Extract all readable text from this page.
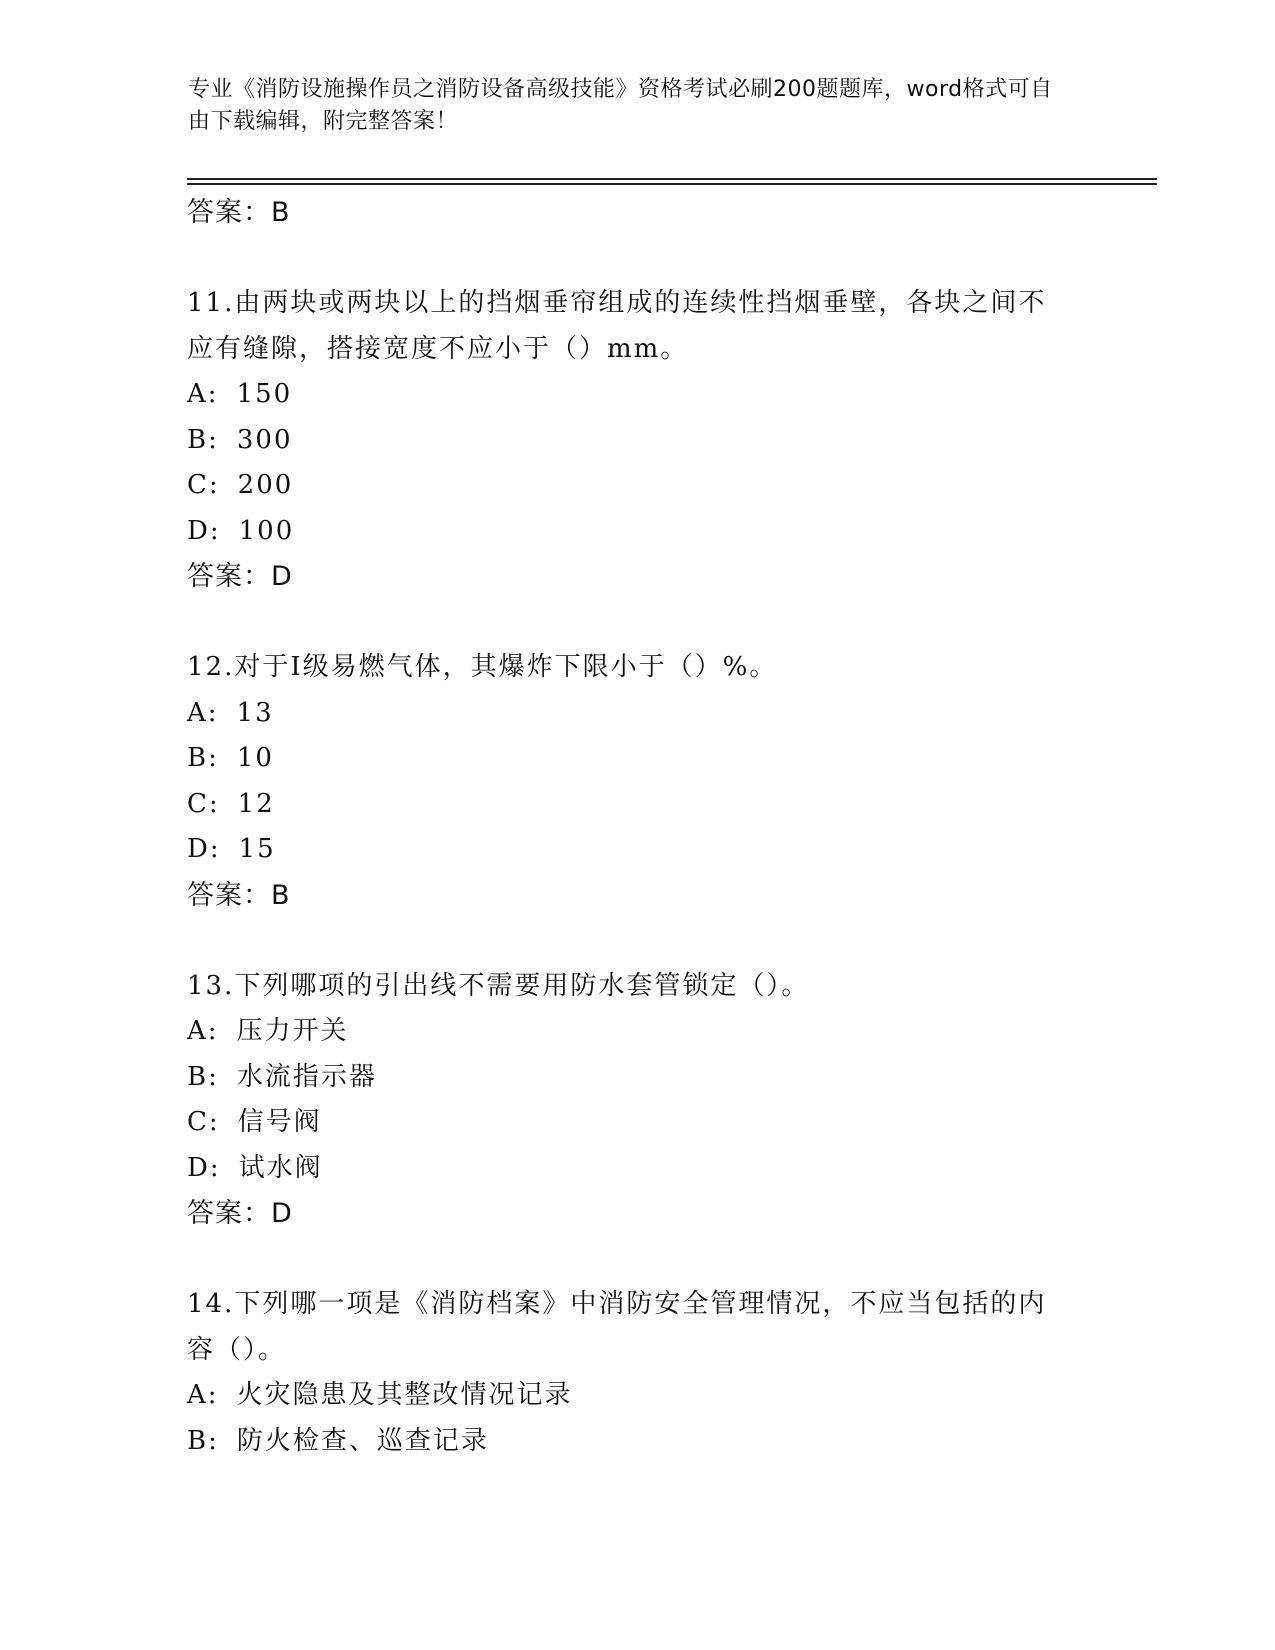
专业《消防设施操作员之消防设备高级技能》资格考试必刷200题题库，word格式可自由下载编辑，附完整答案！

答案：B

11.由两块或两块以上的挡烟垂帘组成的连续性挡烟垂壁，各块之间不应有缝隙，搭接宽度不应小于（）mm。

A: 150

B: 300

C: 200

D: 100

答案：D

12.对于Ⅰ级易燃气体，其爆炸下限小于（）%。

A: 13

B: 10

C: 12

D: 15

答案：B

13.下列哪项的引出线不需要用防水套管锁定（）。

A: 压力开关

B: 水流指示器

C: 信号阀

D: 试水阀

答案：D

14.下列哪一项是《消防档案》中消防安全管理情况，不应当包括的内容（）。

A: 火灾隐患及其整改情况记录

B: 防火检查、巡查记录
